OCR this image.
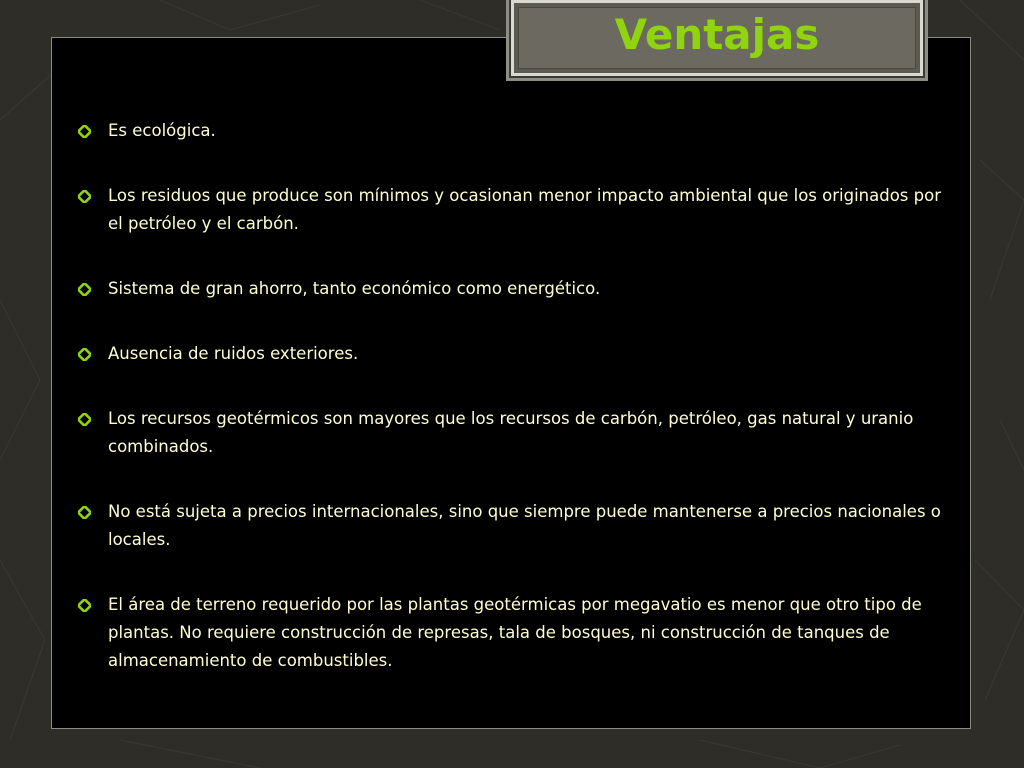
Ventajas
Es ecológica.
Los residuos que produce son mínimos y ocasionan menor impacto ambiental que los originados por el petróleo y el carbón.
Sistema de gran ahorro, tanto económico como energético.
Ausencia de ruidos exteriores.
Los recursos geotérmicos son mayores que los recursos de carbón, petróleo, gas natural y uranio combinados.
No está sujeta a precios internacionales, sino que siempre puede mantenerse a precios nacionales o locales.
El área de terreno requerido por las plantas geotérmicas por megavatio es menor que otro tipo de plantas. No requiere construcción de represas, tala de bosques, ni construcción de tanques de almacenamiento de combustibles.
